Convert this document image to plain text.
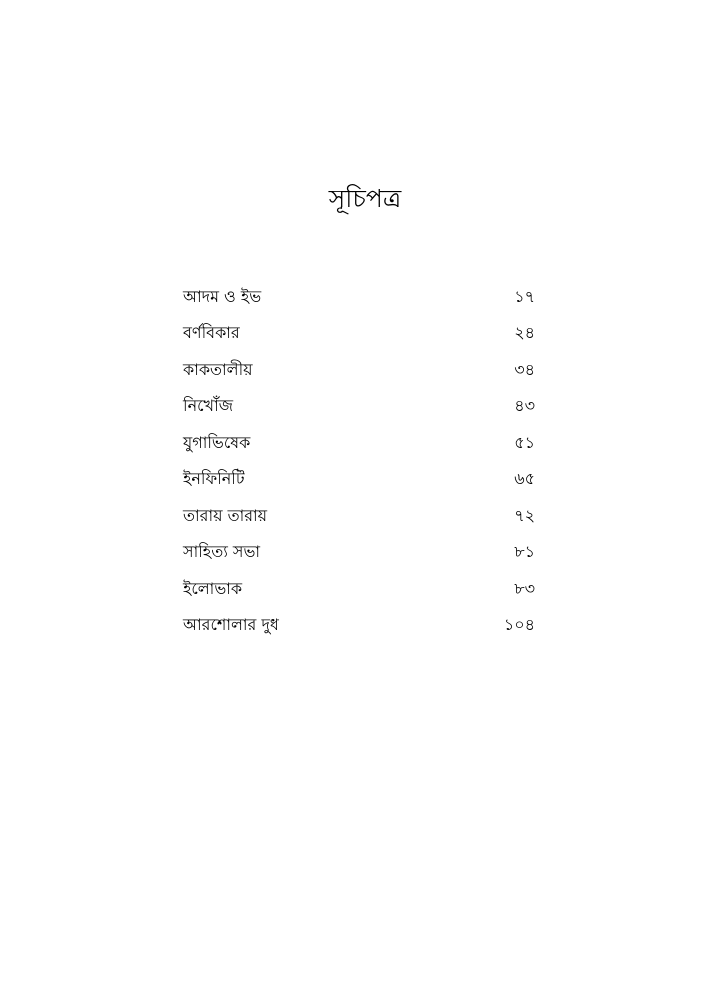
সূচিপত্র
আদম ও ইভ	১৭
বর্ণবিকার	২৪
কাকতালীয়	৩৪
নিখোঁজ	৪৩
যুগাভিষেক	৫১
ইনফিনিটি	৬৫
তারায় তারায়	৭২
সাহিত্য সভা	৮১
ইলোভাক	৮৩
আরশোলার দুধ	১০৪
